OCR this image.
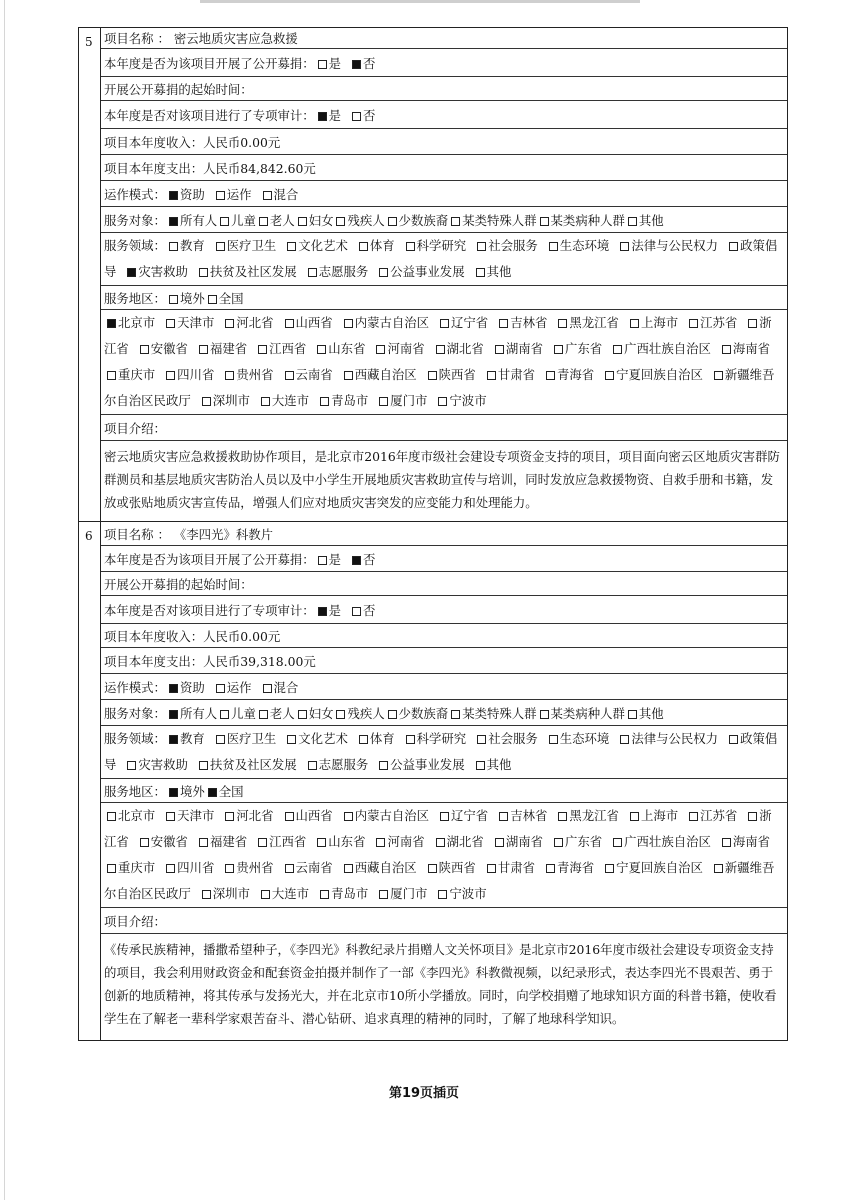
5 项目名称 ： 密云地质灾害应急救援
本年度是否为该项目开展了公开募捐：	是	否
开展公开募捐的起始时间：
本年度是否对该项目进行了专项审计：	是	否
项目本年度收入：人民币0.00元
项目本年度支出：人民币84,842.60元
运作模式：	资助	运作	混合
服务对象：	所有人	儿童	老人	妇女	残疾人	少数族裔	某类特殊人群	某类病种人群	其他
服务领域： 教育 医疗卫生 文化艺术 体育 科学研究 社会服务 生态环境 法律与公民权力 政策倡导 灾害救助 扶贫及社区发展 志愿服务 公益事业发展 其他
服务地区：	境外	全国
北京市 天津市 河北省 山西省 内蒙古自治区 辽宁省 吉林省 黑龙江省 上海市 江苏省 浙江省 安徽省 福建省 江西省 山东省 河南省 湖北省 湖南省 广东省 广西壮族自治区 海南省重庆市 四川省 贵州省 云南省 西藏自治区 陕西省 甘肃省 青海省 宁夏回族自治区 新疆维吾尔自治区民政厅 深圳市 大连市 青岛市 厦门市 宁波市
项目介绍：
密云地质灾害应急救援救助协作项目，是北京市2016年度市级社会建设专项资金支持的项目，项目面向密云区地质灾害群防群测员和基层地质灾害防治人员以及中小学生开展地质灾害救助宣传与培训，同时发放应急救援物资、自救手册和书籍，发放或张贴地质灾害宣传品，增强人们应对地质灾害突发的应变能力和处理能力。
6 项目名称 ： 《李四光》科教片
本年度是否为该项目开展了公开募捐：	是	否
开展公开募捐的起始时间：
本年度是否对该项目进行了专项审计：	是	否
项目本年度收入：人民币0.00元
项目本年度支出：人民币39,318.00元
运作模式：	资助	运作	混合
服务对象：	所有人	儿童	老人	妇女	残疾人	少数族裔	某类特殊人群	某类病种人群	其他
服务领域： 教育 医疗卫生 文化艺术 体育 科学研究 社会服务 生态环境 法律与公民权力 政策倡导 灾害救助 扶贫及社区发展 志愿服务 公益事业发展 其他
服务地区：	境外	全国
北京市 天津市 河北省 山西省 内蒙古自治区 辽宁省 吉林省 黑龙江省 上海市 江苏省 浙江省 安徽省 福建省 江西省 山东省 河南省 湖北省 湖南省 广东省 广西壮族自治区 海南省重庆市 四川省 贵州省 云南省 西藏自治区 陕西省 甘肃省 青海省 宁夏回族自治区 新疆维吾尔自治区民政厅 深圳市 大连市 青岛市 厦门市 宁波市
项目介绍：
《传承民族精神，播撒希望种子，《李四光》科教纪录片捐赠人文关怀项目》是北京市2016年度市级社会建设专项资金支持的项目，我会利用财政资金和配套资金拍摄并制作了一部《李四光》科教微视频，以纪录形式，表达李四光不畏艰苦、勇于创新的地质精神，将其传承与发扬光大，并在北京市10所小学播放。同时，向学校捐赠了地球知识方面的科普书籍，使收看学生在了解老一辈科学家艰苦奋斗、潜心钻研、追求真理的精神的同时，了解了地球科学知识。
第19页插页
